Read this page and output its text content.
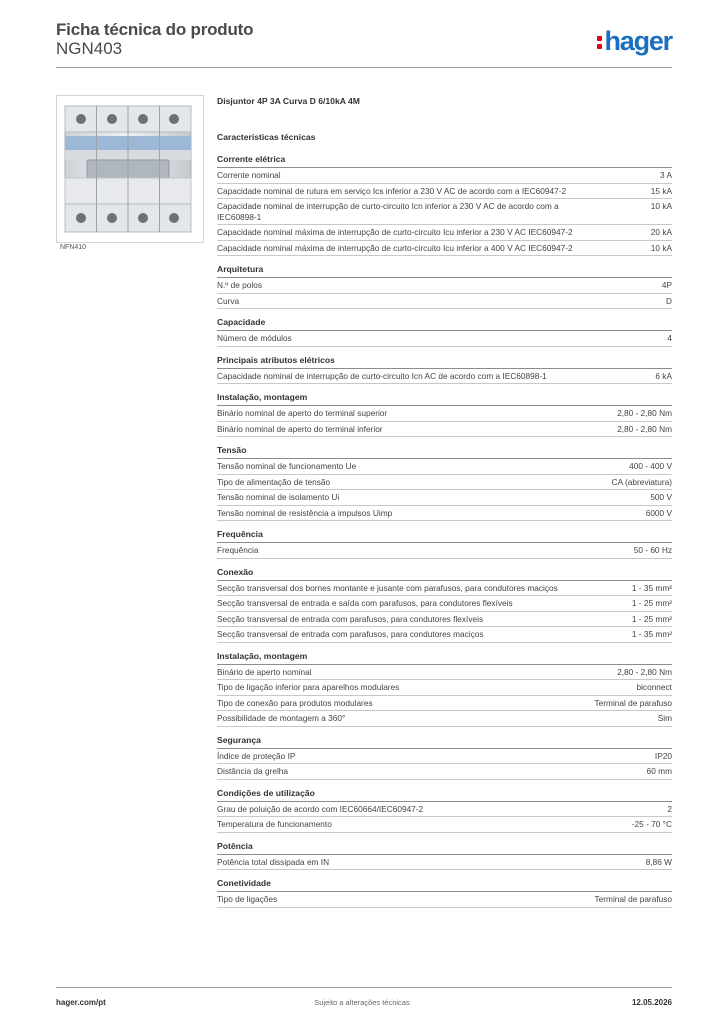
Ficha técnica do produto
NGN403	hager
NFN410
Disjuntor 4P 3A Curva D 6/10kA 4M
Características técnicas
Corrente elétrica
Corrente nominal	3 A
Capacidade nominal de rutura em serviço Ics inferior a 230 V AC de acordo com a IEC60947-2	15 kA
Capacidade nominal de interrupção de curto-circuito Icn inferior a 230 V AC de acordo com a IEC60898-1
10 kA
Capacidade nominal máxima de interrupção de curto-circuito Icu inferior a 230 V AC IEC60947-2	20 kA
Capacidade nominal máxima de interrupção de curto-circuito Icu inferior a 400 V AC IEC60947-2	10 kA
Arquitetura
N.º de polos	4P
Curva	D
Capacidade
Número de módulos	4
Principais atributos elétricos
Capacidade nominal de interrupção de curto-circuito Icn AC de acordo com a IEC60898-1	6 kA
Instalação, montagem
Binário nominal de aperto do terminal superior	2,80 - 2,80 Nm
Binário nominal de aperto do terminal inferior	2,80 - 2,80 Nm
Tensão
Tensão nominal de funcionamento Ue	400 - 400 V
Tipo de alimentação de tensão	CA (abreviatura)
Tensão nominal de isolamento Ui	500 V
Tensão nominal de resistência a impulsos Uimp	6000 V
Frequência
Frequência	50 - 60 Hz
Conexão
Secção transversal dos bornes montante e jusante com parafusos, para condutores maciços	1 - 35 mm²
Secção transversal de entrada e saída com parafusos, para condutores flexíveis	1 - 25 mm²
Secção transversal de entrada com parafusos, para condutores flexíveis	1 - 25 mm²
Secção transversal de entrada com parafusos, para condutores maciços	1 - 35 mm²
Instalação, montagem
Binário de aperto nominal	2,80 - 2,80 Nm
Tipo de ligação inferior para aparelhos modulares	biconnect
Tipo de conexão para produtos modulares	Terminal de parafuso
Possibilidade de montagem a 360°	Sim
Segurança
Índice de proteção IP	IP20
Distância da grelha	60 mm
Condições de utilização
Grau de poluição de acordo com IEC60664/IEC60947-2	2
Temperatura de funcionamento	-25 - 70 °C
Potência
Potência total dissipada em IN	8,86 W
Conetividade
Tipo de ligações	Terminal de parafuso
hager.com/pt	Sujeito a alterações técnicas	12.05.2026
